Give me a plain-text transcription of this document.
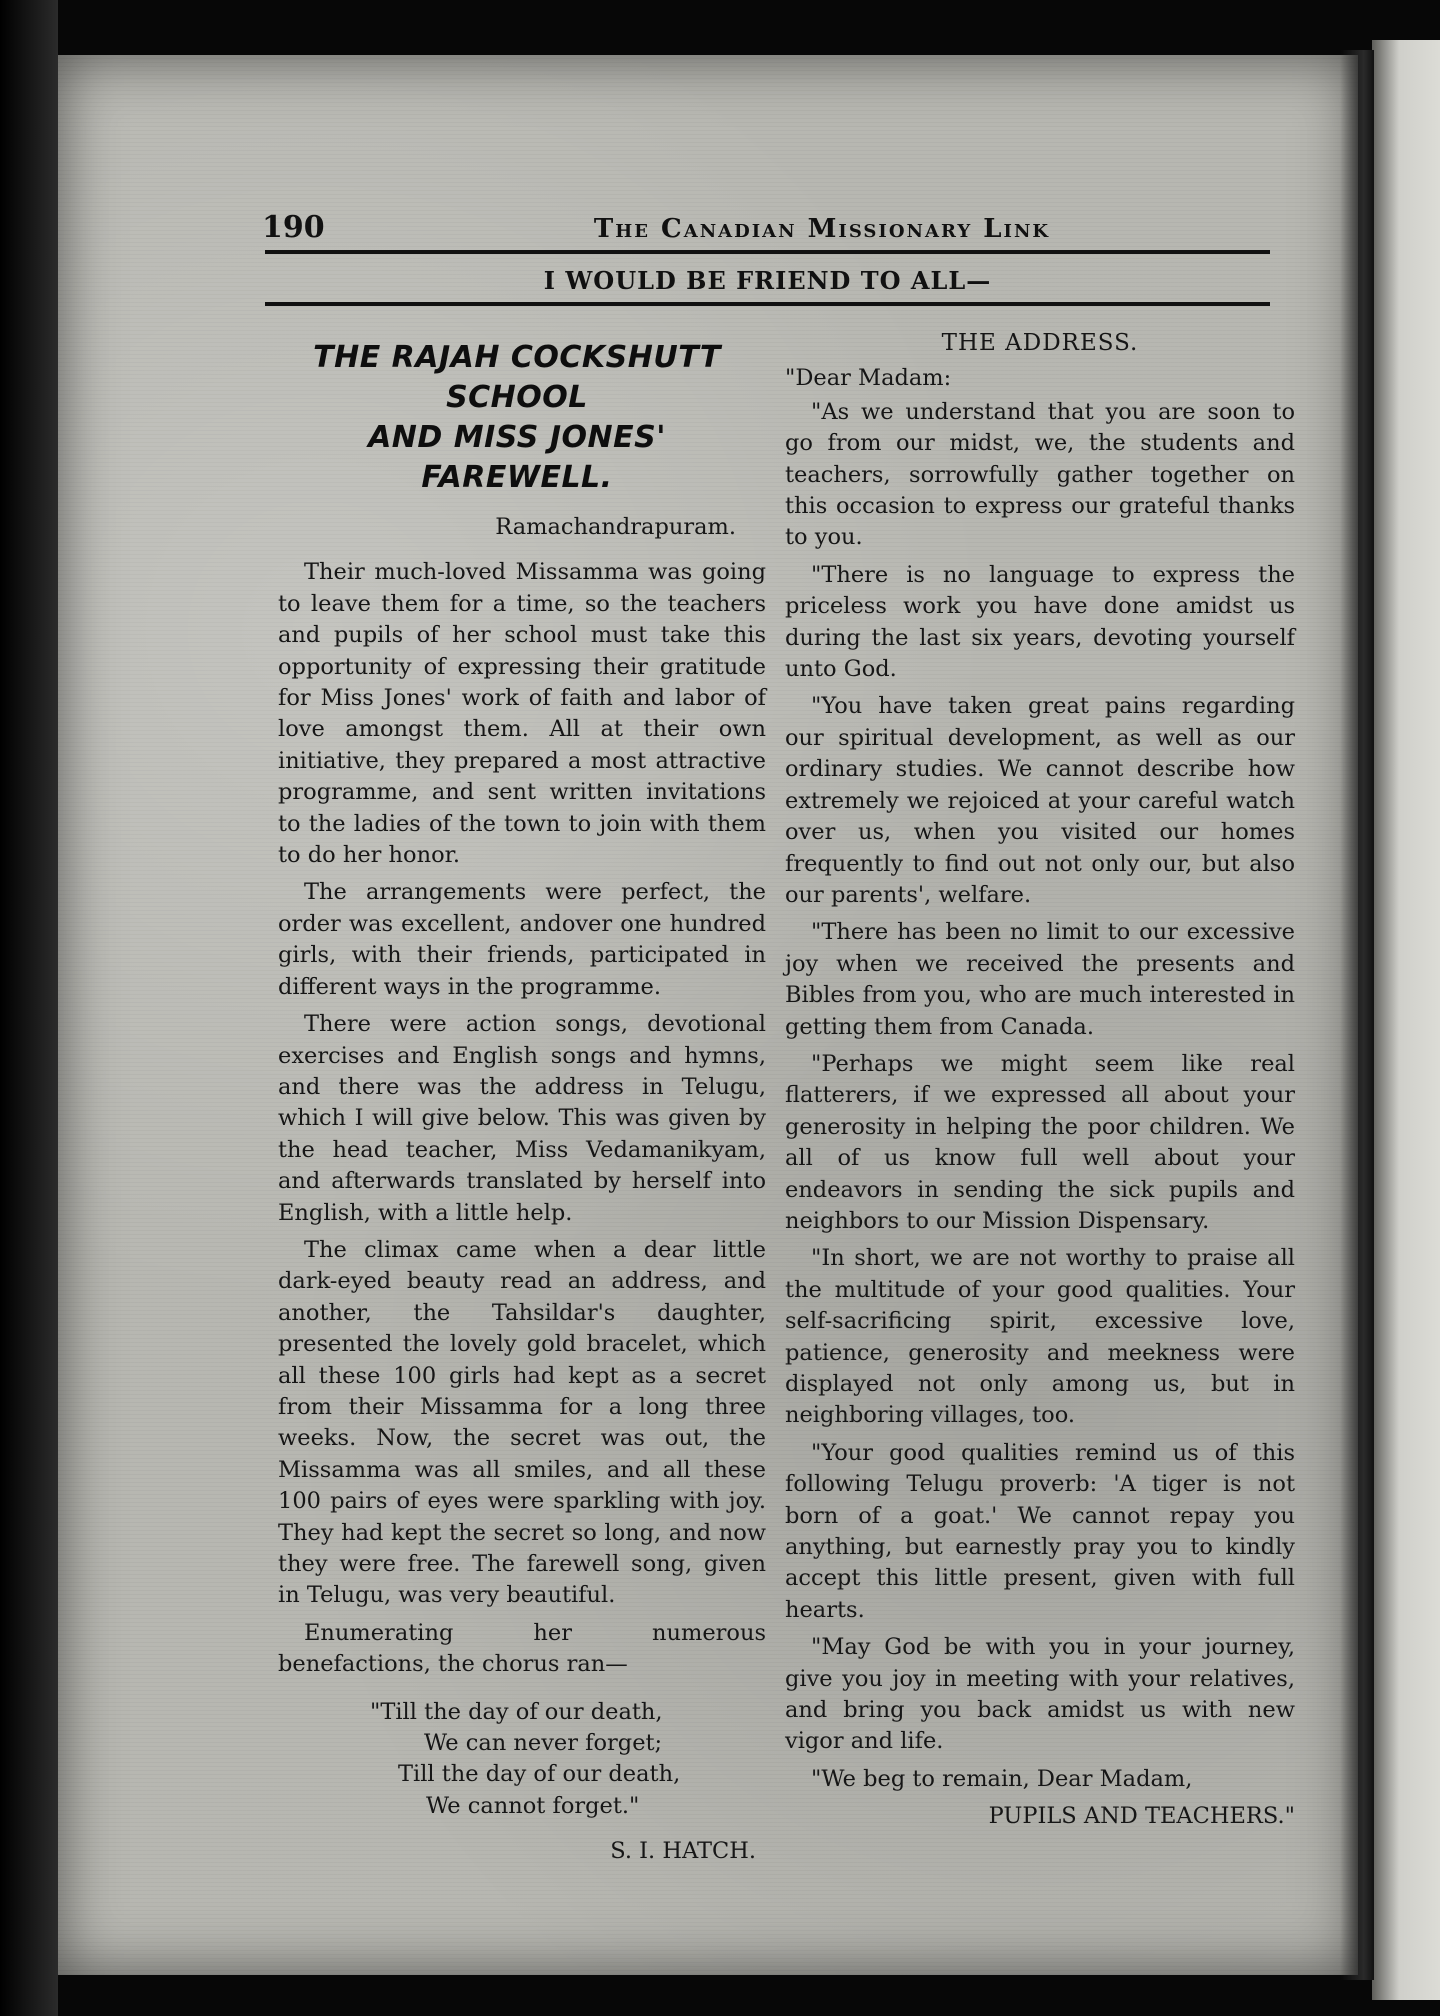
190	The Canadian Missionary Link
I WOULD BE FRIEND TO ALL—
THE RAJAH COCKSHUTT SCHOOL
AND MISS JONES' FAREWELL.
Ramachandrapuram.

Their much-loved Missamma was going to leave them for a time, so the teachers and pupils of her school must take this opportunity of expressing their gratitude for Miss Jones' work of faith and labor of love amongst them. All at their own initiative, they prepared a most attractive programme, and sent written invitations to the ladies of the town to join with them to do her honor.

The arrangements were perfect, the order was excellent, andover one hundred girls, with their friends, participated in different ways in the programme.

There were action songs, devotional exercises and English songs and hymns, and there was the address in Telugu, which I will give below. This was given by the head teacher, Miss Vedamanikyam, and afterwards translated by herself into English, with a little help.

The climax came when a dear little dark-eyed beauty read an address, and another, the Tahsildar's daughter, presented the lovely gold bracelet, which all these 100 girls had kept as a secret from their Missamma for a long three weeks. Now, the secret was out, the Missamma was all smiles, and all these 100 pairs of eyes were sparkling with joy. They had kept the secret so long, and now they were free. The farewell song, given in Telugu, was very beautiful.

Enumerating her numerous benefactions, the chorus ran—

"Till the day of our death,
We can never forget;
Till the day of our death,
We cannot forget."
S. I. HATCH.
THE ADDRESS.

"Dear Madam:

"As we understand that you are soon to go from our midst, we, the students and teachers, sorrowfully gather together on this occasion to express our grateful thanks to you.

"There is no language to express the priceless work you have done amidst us during the last six years, devoting yourself unto God.

"You have taken great pains regarding our spiritual development, as well as our ordinary studies. We cannot describe how extremely we rejoiced at your careful watch over us, when you visited our homes frequently to find out not only our, but also our parents', welfare.

"There has been no limit to our excessive joy when we received the presents and Bibles from you, who are much interested in getting them from Canada.

"Perhaps we might seem like real flatterers, if we expressed all about your generosity in helping the poor children. We all of us know full well about your endeavors in sending the sick pupils and neighbors to our Mission Dispensary.

"In short, we are not worthy to praise all the multitude of your good qualities. Your self-sacrificing spirit, excessive love, patience, generosity and meekness were displayed not only among us, but in neighboring villages, too.

"Your good qualities remind us of this following Telugu proverb: 'A tiger is not born of a goat.' We cannot repay you anything, but earnestly pray you to kindly accept this little present, given with full hearts.

"May God be with you in your journey, give you joy in meeting with your relatives, and bring you back amidst us with new vigor and life.

"We beg to remain, Dear Madam,

PUPILS AND TEACHERS."
